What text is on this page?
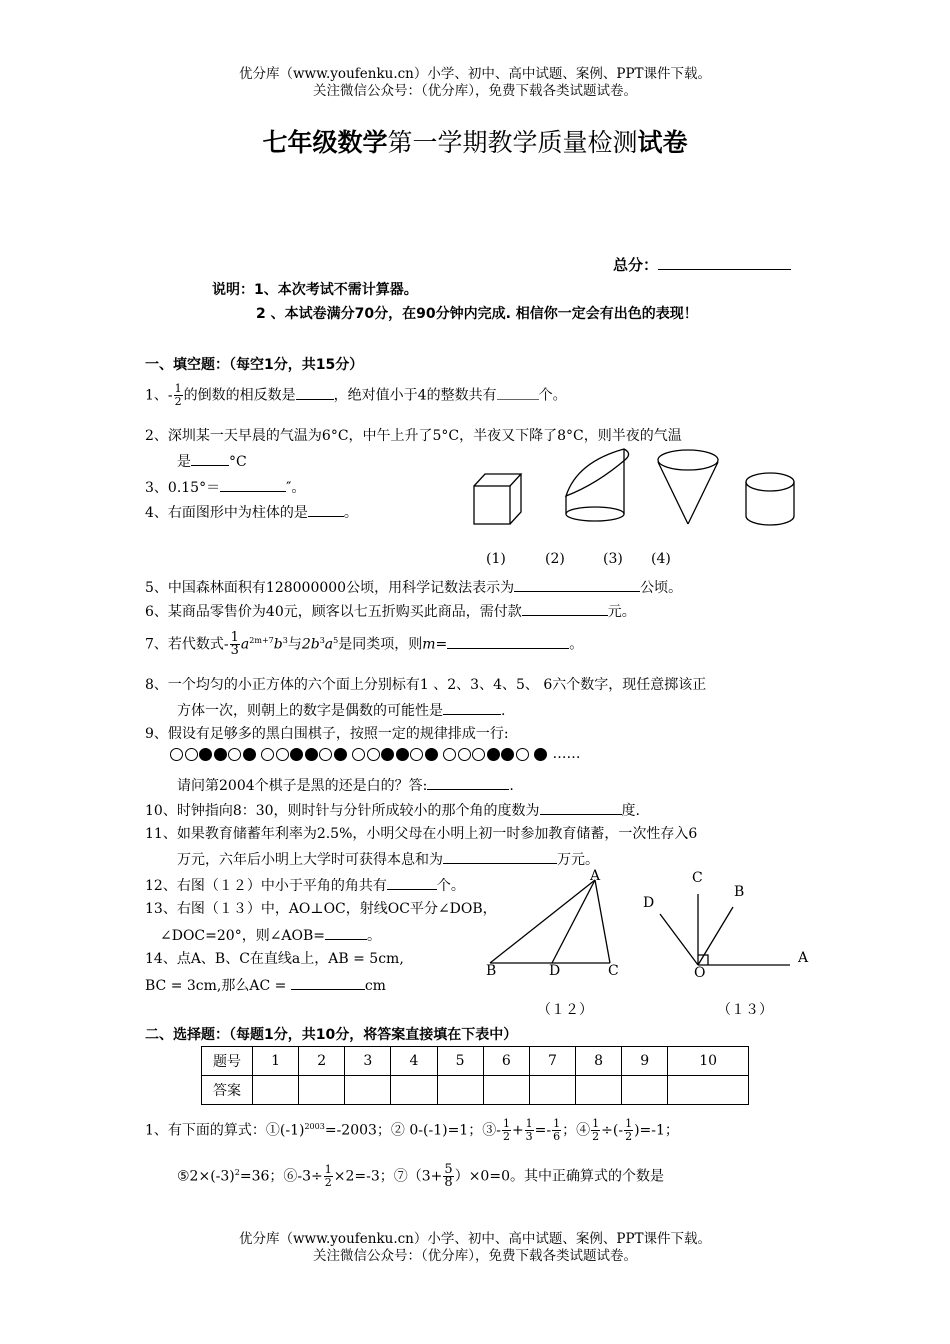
优分库（www.youfenku.cn）小学、初中、高中试题、案例、PPT课件下载。
关注微信公众号：（优分库），免费下载各类试题试卷。
七年级数学第一学期教学质量检测试卷
总分：
说明：1、本次考试不需计算器。
2 、本试卷满分70分，在90分钟内完成. 相信你一定会有出色的表现！
一、填空题：（每空1分，共15分）
1、- $\frac{1}{2}$ 的倒数的相反数是	，绝对值小于4的整数共有	个。
2、深圳某一天早晨的气温为6°C，中午上升了5°C，半夜又下降了8°C，则半夜的气温
是	°C
3、0.15°＝	″。
4、右面图形中为柱体的是	。
(1)	(2)	(3) (4)
5、中国森林面积有128000000公顷，用科学记数法表示为	公顷。
6、某商品零售价为40元，顾客以七五折购买此商品，需付款	元。
7、若代数式- $\frac{1}{3} a^{2m+7}b^3$与$2b^3a^5$是同类项，则m=	。
8、一个均匀的小正方体的六个面上分别标有1 、2、3、4、5、 6六个数字，现任意掷该正
方体一次，则朝上的数字是偶数的可能性是	.
9、假设有足够多的黑白围棋子，按照一定的规律排成一行:
……
请问第2004个棋子是黑的还是白的？答:	.
10、时钟指向8：30，则时针与分针所成较小的那个角的度数为	度.
11、如果教育储蓄年利率为2.5%，小明父母在小明上初一时参加教育储蓄，一次性存入6
万元，六年后小明上大学时可获得本息和为	万元。
12、右图（１２）中小于平角的角共有	个。
13、右图（１３）中，AO⊥OC，射线OC平分∠DOB，
∠DOC=20°，则∠AOB=	。
14、点A、B、C在直线a上，AB = 5cm,
BC = 3cm,那么AC =	cm
A
B	D	C
（１２）
C
B
D
O
A
（１３）
二、选择题：（每题1分，共10分，将答案直接填在下表中）
题号	1	2	3	4	5	6	7	8	9	10
答案										
1、有下面的算式：$①(-1)^{2003}=-2003$；② 0-(-1)=1；③- $\frac{1}{2} + \frac{1}{3} =- \frac{1}{6}$ ；④ $\frac{1}{2}$ ÷(- $\frac{1}{2} )=-1$；
$⑤2\times(-3)^2=36$；⑥-3÷ $\frac{1}{2} \times 2=-3$；⑦（3+ $\frac{5}{8} )\times 0=0$。其中正确算式的个数是
优分库（www.youfenku.cn）小学、初中、高中试题、案例、PPT课件下载。
关注微信公众号：（优分库），免费下载各类试题试卷。
